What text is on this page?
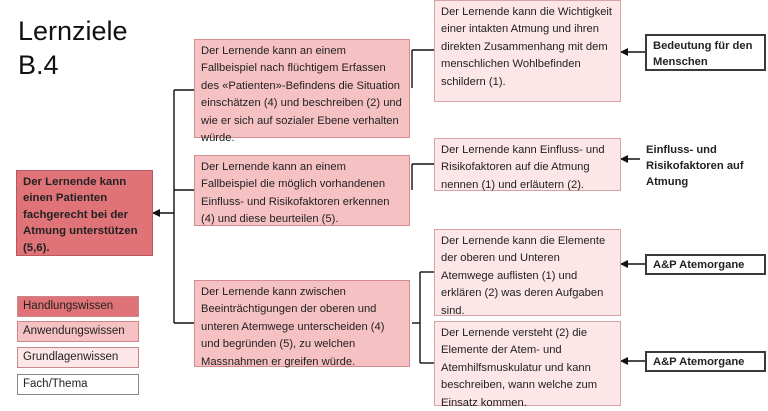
Lernziele
B.4
Der Lernende kann einen Patienten fachgerecht bei der Atmung unterstützen (5,6).
Der Lernende kann an einem Fallbeispiel nach flüchtigem Erfassen des «Patienten»-Befindens die Situation einschätzen (4) und beschreiben (2) und wie er sich auf sozialer Ebene verhalten würde.
Der Lernende kann an einem Fallbeispiel die möglich vorhandenen Einfluss- und Risikofaktoren erkennen (4) und diese beurteilen (5).
Der Lernende kann zwischen Beeinträchtigungen der oberen und unteren Atemwege unterscheiden (4) und begründen (5), zu welchen Massnahmen er greifen würde.
Der Lernende kann die Wichtigkeit einer intakten Atmung und ihren direkten Zusammenhang mit dem menschlichen Wohlbefinden schildern (1).
Der Lernende kann Einfluss- und Risikofaktoren auf die Atmung nennen (1) und erläutern (2).
Der Lernende kann die Elemente der oberen und Unteren Atemwege auflisten (1) und erklären (2) was deren Aufgaben sind.
Der Lernende versteht (2) die Elemente der Atem- und Atemhilfsmuskulatur und kann beschreiben, wann welche zum Einsatz kommen.
Bedeutung für den Menschen
Einfluss- und Risikofaktoren auf Atmung
A&P Atemorgane
A&P Atemorgane
Handlungswissen
Anwendungswissen
Grundlagenwissen
Fach/Thema
